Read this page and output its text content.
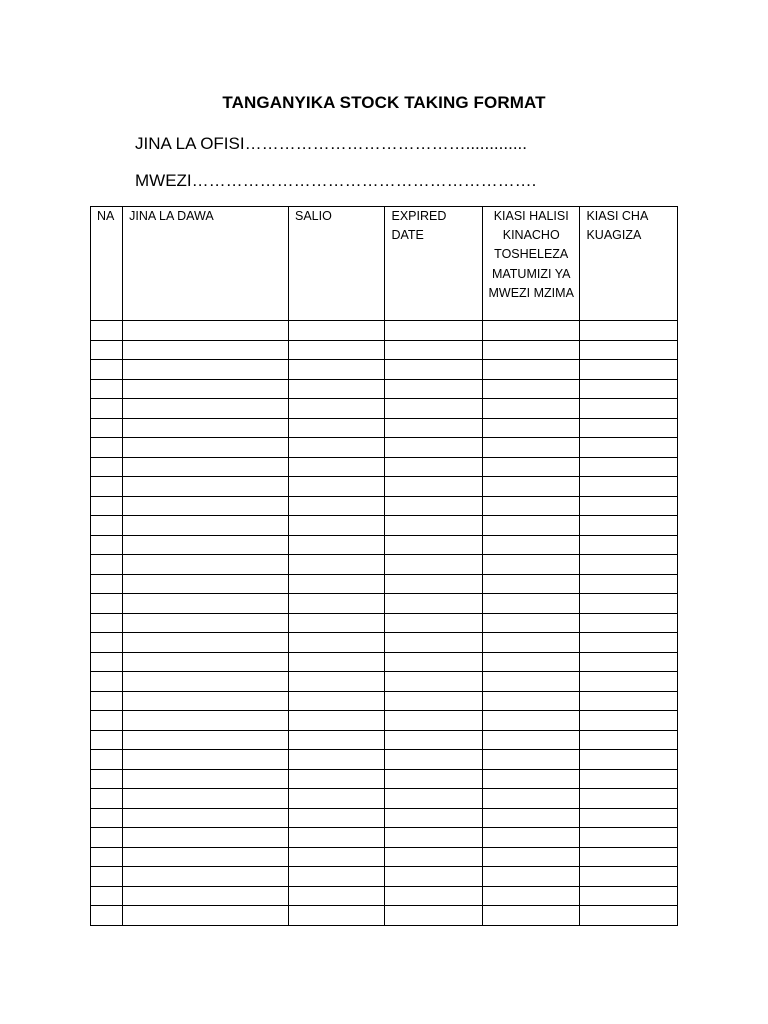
TANGANYIKA STOCK TAKING FORMAT
JINA LA OFISI………………………………….............
MWEZI…………………………………………………….
NA	JINA LA DAWA	SALIO	EXPIRED DATE	KIASI HALISI KINACHO TOSHELEZA MATUMIZI YA MWEZI MZIMA	KIASI CHA KUAGIZA
